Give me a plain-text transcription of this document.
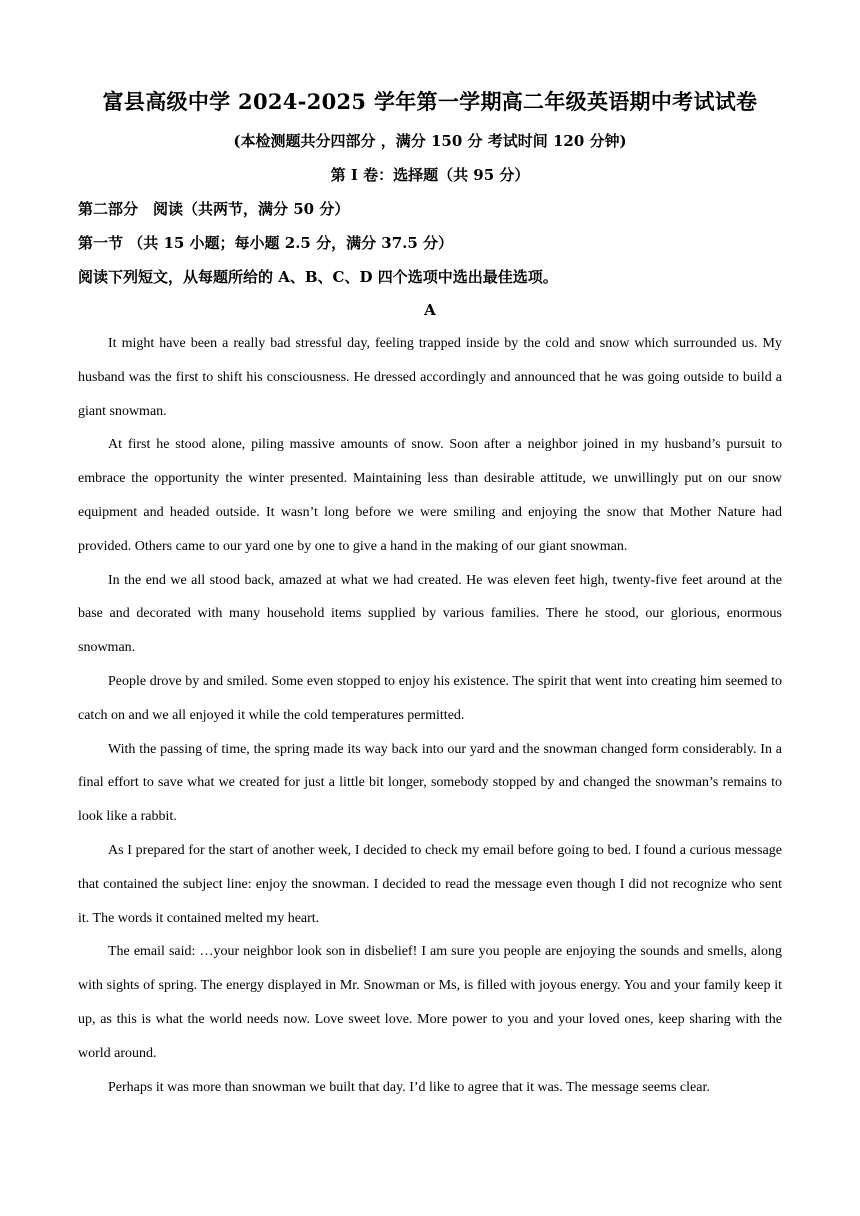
富县高级中学 2024-2025 学年第一学期高二年级英语期中考试试卷
(本检测题共分四部分 ，满分 150 分 考试时间 120 分钟)
第 I 卷：选择题（共 95 分）
第二部分　阅读（共两节，满分 50 分）
第一节 （共 15 小题；每小题 2.5 分，满分 37.5 分）
阅读下列短文，从每题所给的 A、B、C、D 四个选项中选出最佳选项。
A

It might have been a really bad stressful day, feeling trapped inside by the cold and snow which surrounded us. My husband was the first to shift his consciousness. He dressed accordingly and announced that he was going outside to build a giant snowman.

At first he stood alone, piling massive amounts of snow. Soon after a neighbor joined in my husband’s pursuit to embrace the opportunity the winter presented. Maintaining less than desirable attitude, we unwillingly put on our snow equipment and headed outside. It wasn’t long before we were smiling and enjoying the snow that Mother Nature had provided. Others came to our yard one by one to give a hand in the making of our giant snowman.

In the end we all stood back, amazed at what we had created. He was eleven feet high, twenty-five feet around at the base and decorated with many household items supplied by various families. There he stood, our glorious, enormous snowman.

People drove by and smiled. Some even stopped to enjoy his existence. The spirit that went into creating him seemed to catch on and we all enjoyed it while the cold temperatures permitted.

With the passing of time, the spring made its way back into our yard and the snowman changed form considerably. In a final effort to save what we created for just a little bit longer, somebody stopped by and changed the snowman’s remains to look like a rabbit.

As I prepared for the start of another week, I decided to check my email before going to bed. I found a curious message that contained the subject line: enjoy the snowman. I decided to read the message even though I did not recognize who sent it. The words it contained melted my heart.

The email said: …your neighbor look son in disbelief! I am sure you people are enjoying the sounds and smells, along with sights of spring. The energy displayed in Mr. Snowman or Ms, is filled with joyous energy. You and your family keep it up, as this is what the world needs now. Love sweet love. More power to you and your loved ones, keep sharing with the world around.

Perhaps it was more than snowman we built that day. I’d like to agree that it was. The message seems clear.
